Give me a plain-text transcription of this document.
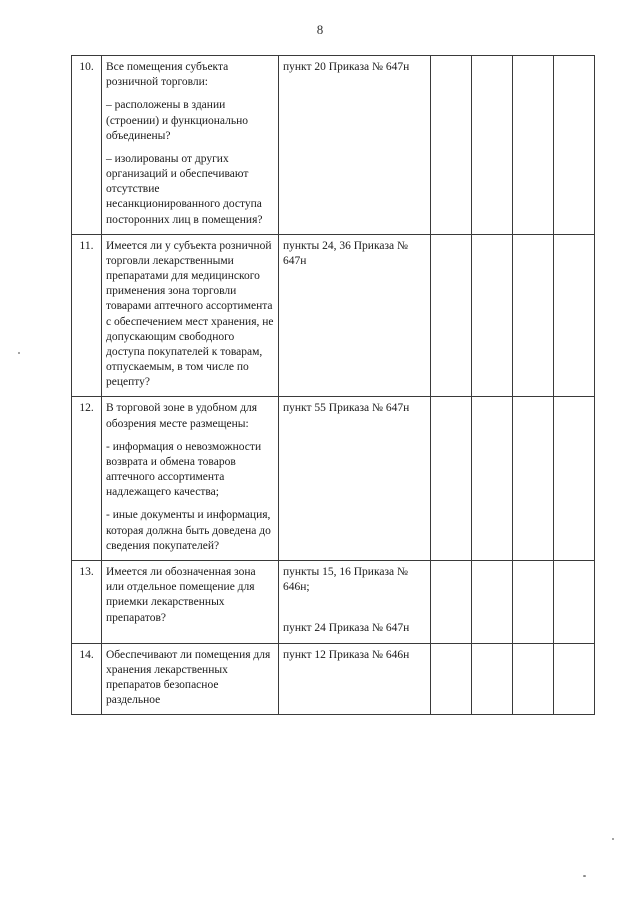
8
10.	Все помещения субъекта розничной торговли:

– расположены в здании (строении) и функционально объединены?

– изолированы от других организаций и обеспечивают отсутствие несанкционированного доступа посторонних лиц в помещения?	пункт 20 Приказа № 647н				

11.	Имеется ли у субъекта розничной торговли лекарственными препаратами для медицинского применения зона торговли товарами аптечного ассортимента с обеспечением мест хранения, не допускающим свободного доступа покупателей к товарам, отпускаемым, в том числе по рецепту?	пункты 24, 36 Приказа № 647н				

12.	В торговой зоне в удобном для обозрения месте размещены:

- информация о невозможности возврата и обмена товаров аптечного ассортимента надлежащего качества;

- иные документы и информация, которая должна быть доведена до сведения покупателей?	пункт 55 Приказа № 647н				

13.	Имеется ли обозначенная зона или отдельное помещение для приемки лекарственных препаратов?	пункты 15, 16 Приказа № 646н;
пункт 24 Приказа № 647н				

14.	Обеспечивают ли помещения для хранения лекарственных препаратов безопасное раздельное	пункт 12 Приказа № 646н				
